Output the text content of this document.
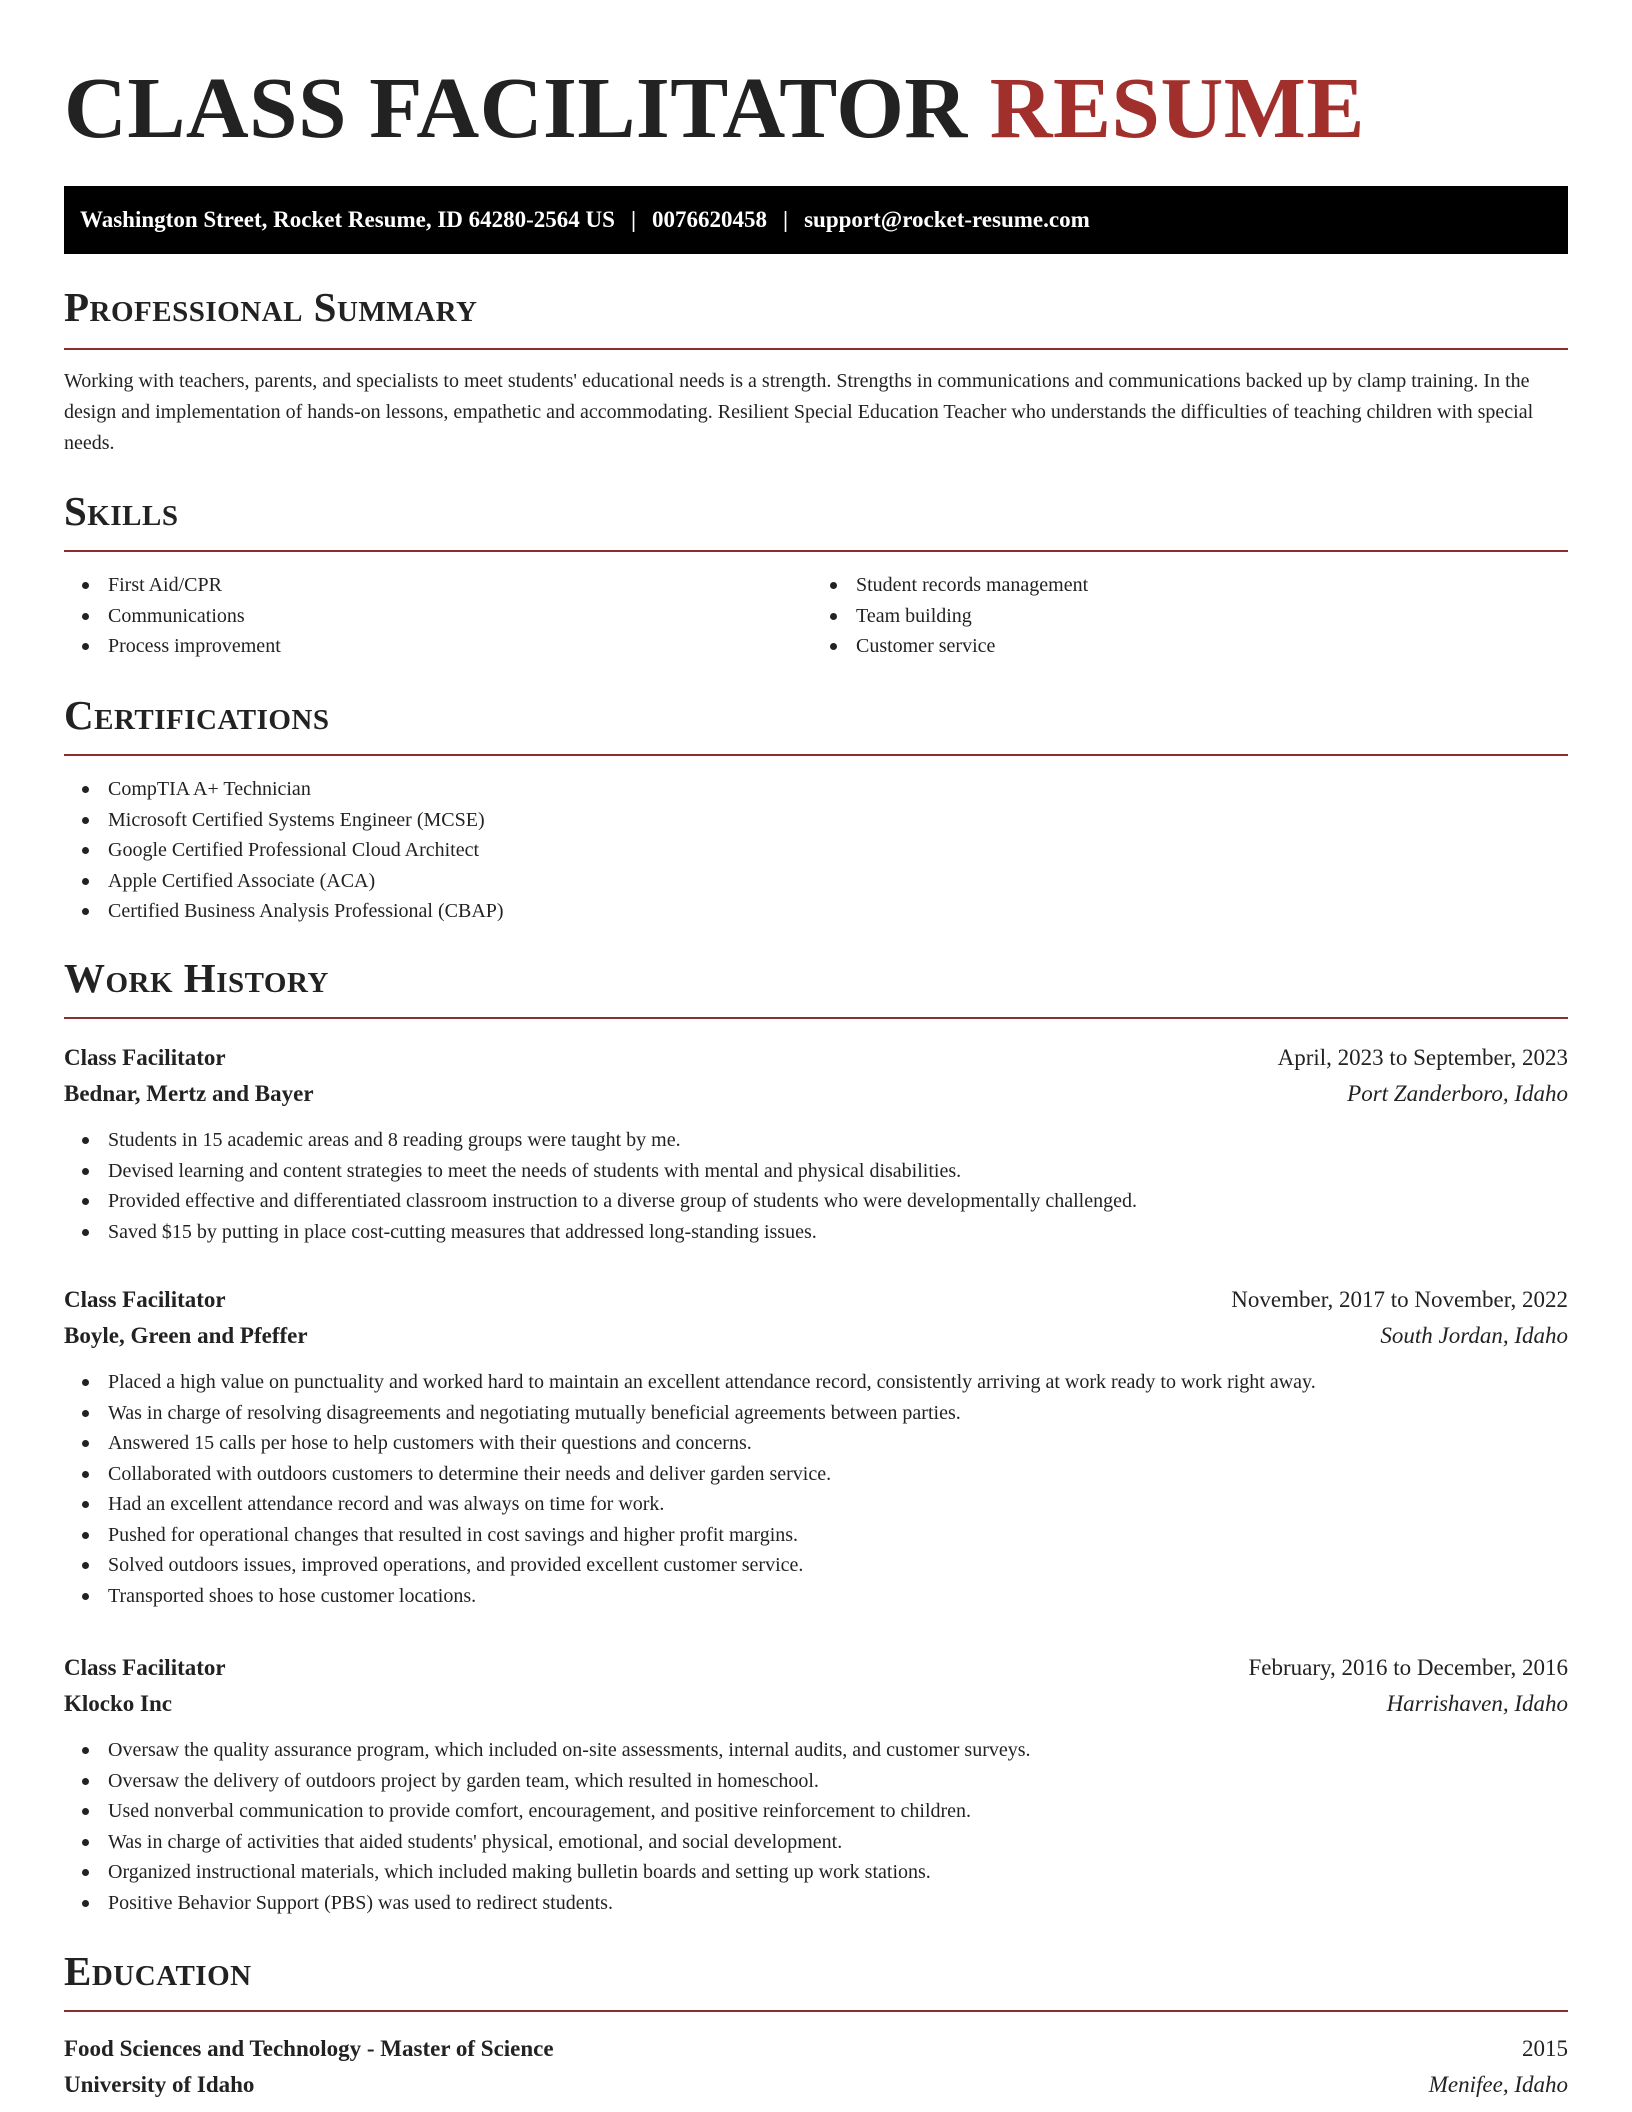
CLASS FACILITATOR RESUME
Washington Street, Rocket Resume, ID 64280-2564 US | 0076620458 | support@rocket-resume.com
Professional Summary

Working with teachers, parents, and specialists to meet students' educational needs is a strength. Strengths in communications and communications backed up by clamp training. In the design and implementation of hands-on lessons, empathetic and accommodating. Resilient Special Education Teacher who understands the difficulties of teaching children with special needs.

Skills
First Aid/CPR
Communications
Process improvement
Student records management
Team building
Customer service
Certifications
CompTIA A+ Technician
Microsoft Certified Systems Engineer (MCSE)
Google Certified Professional Cloud Architect
Apple Certified Associate (ACA)
Certified Business Analysis Professional (CBAP)
Work History
Class Facilitator	April, 2023 to September, 2023
Bednar, Mertz and Bayer	Port Zanderboro, Idaho
Students in 15 academic areas and 8 reading groups were taught by me.
Devised learning and content strategies to meet the needs of students with mental and physical disabilities.
Provided effective and differentiated classroom instruction to a diverse group of students who were developmentally challenged.
Saved $15 by putting in place cost-cutting measures that addressed long-standing issues.
Class Facilitator	November, 2017 to November, 2022
Boyle, Green and Pfeffer	South Jordan, Idaho
Placed a high value on punctuality and worked hard to maintain an excellent attendance record, consistently arriving at work ready to work right away.
Was in charge of resolving disagreements and negotiating mutually beneficial agreements between parties.
Answered 15 calls per hose to help customers with their questions and concerns.
Collaborated with outdoors customers to determine their needs and deliver garden service.
Had an excellent attendance record and was always on time for work.
Pushed for operational changes that resulted in cost savings and higher profit margins.
Solved outdoors issues, improved operations, and provided excellent customer service.
Transported shoes to hose customer locations.
Class Facilitator	February, 2016 to December, 2016
Klocko Inc	Harrishaven, Idaho
Oversaw the quality assurance program, which included on-site assessments, internal audits, and customer surveys.
Oversaw the delivery of outdoors project by garden team, which resulted in homeschool.
Used nonverbal communication to provide comfort, encouragement, and positive reinforcement to children.
Was in charge of activities that aided students' physical, emotional, and social development.
Organized instructional materials, which included making bulletin boards and setting up work stations.
Positive Behavior Support (PBS) was used to redirect students.
Education
Food Sciences and Technology - Master of Science	2015
University of Idaho	Menifee, Idaho
